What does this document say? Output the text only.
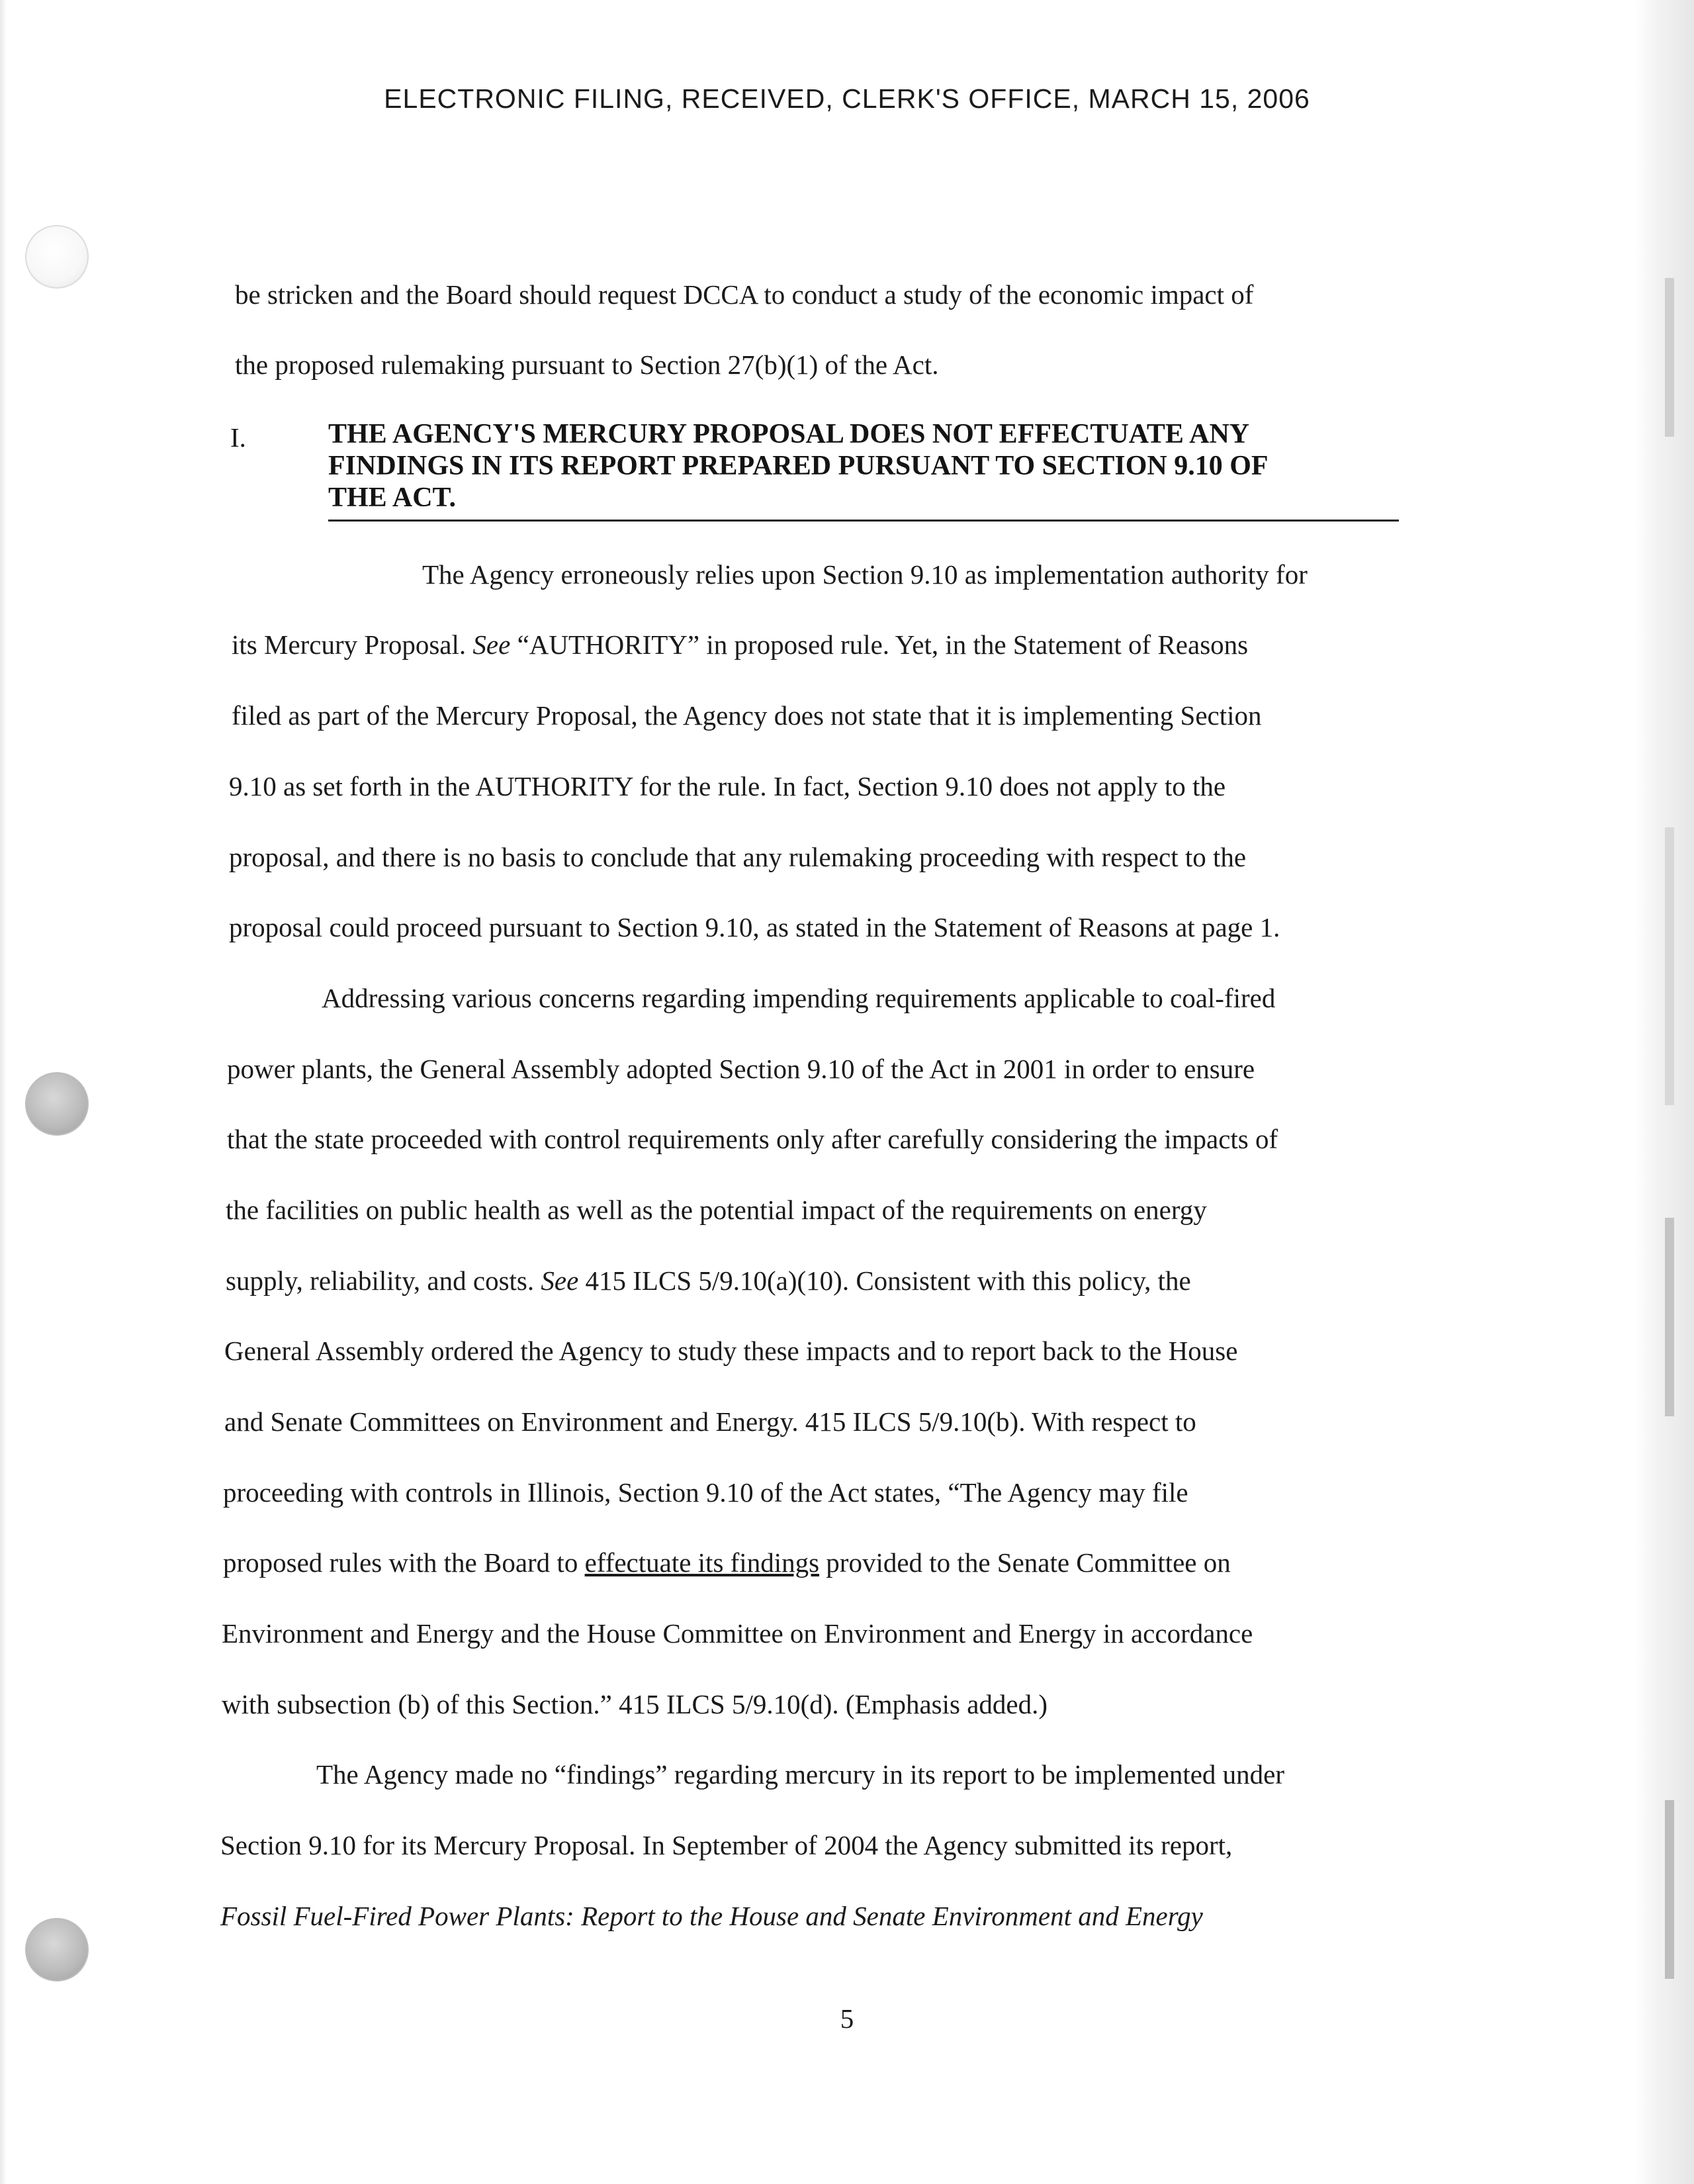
ELECTRONIC FILING, RECEIVED, CLERK'S OFFICE, MARCH 15, 2006
be stricken and the Board should request DCCA to conduct a study of the economic impact of
the proposed rulemaking pursuant to Section 27(b)(1) of the Act.
I.	THE AGENCY'S MERCURY PROPOSAL DOES NOT EFFECTUATE ANY
FINDINGS IN ITS REPORT PREPARED PURSUANT TO SECTION 9.10 OF
THE ACT.
The Agency erroneously relies upon Section 9.10 as implementation authority for
its Mercury Proposal. See “AUTHORITY” in proposed rule. Yet, in the Statement of Reasons
filed as part of the Mercury Proposal, the Agency does not state that it is implementing Section
9.10 as set forth in the AUTHORITY for the rule. In fact, Section 9.10 does not apply to the
proposal, and there is no basis to conclude that any rulemaking proceeding with respect to the
proposal could proceed pursuant to Section 9.10, as stated in the Statement of Reasons at page 1.
Addressing various concerns regarding impending requirements applicable to coal-fired
power plants, the General Assembly adopted Section 9.10 of the Act in 2001 in order to ensure
that the state proceeded with control requirements only after carefully considering the impacts of
the facilities on public health as well as the potential impact of the requirements on energy
supply, reliability, and costs. See 415 ILCS 5/9.10(a)(10). Consistent with this policy, the
General Assembly ordered the Agency to study these impacts and to report back to the House
and Senate Committees on Environment and Energy. 415 ILCS 5/9.10(b). With respect to
proceeding with controls in Illinois, Section 9.10 of the Act states, “The Agency may file
proposed rules with the Board to effectuate its findings provided to the Senate Committee on
Environment and Energy and the House Committee on Environment and Energy in accordance
with subsection (b) of this Section.” 415 ILCS 5/9.10(d). (Emphasis added.)
The Agency made no “findings” regarding mercury in its report to be implemented under
Section 9.10 for its Mercury Proposal. In September of 2004 the Agency submitted its report,
Fossil Fuel-Fired Power Plants: Report to the House and Senate Environment and Energy
5
